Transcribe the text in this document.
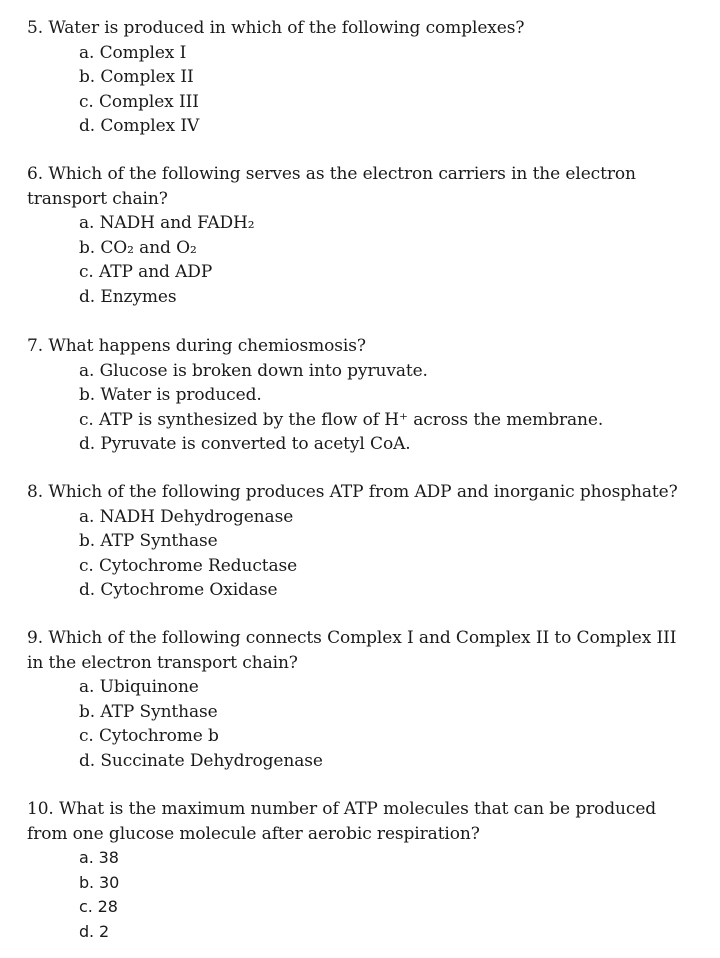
5. Water is produced in which of the following complexes?

a. Complex I
b. Complex II
c. Complex III
d. Complex IV

6. Which of the following serves as the electron carriers in the electron

transport chain?

a. NADH and FADH₂
b. CO₂ and O₂
c. ATP and ADP
d. Enzymes

7. What happens during chemiosmosis?

a. Glucose is broken down into pyruvate.
b. Water is produced.
c. ATP is synthesized by the flow of H⁺ across the membrane.
d. Pyruvate is converted to acetyl CoA.

8. Which of the following produces ATP from ADP and inorganic phosphate?

a. NADH Dehydrogenase
b. ATP Synthase
c. Cytochrome Reductase
d. Cytochrome Oxidase

9. Which of the following connects Complex I and Complex II to Complex III

in the electron transport chain?

a. Ubiquinone
b. ATP Synthase
c. Cytochrome b
d. Succinate Dehydrogenase

10. What is the maximum number of ATP molecules that can be produced

from one glucose molecule after aerobic respiration?

a. 38
b. 30
c. 28
d. 2
